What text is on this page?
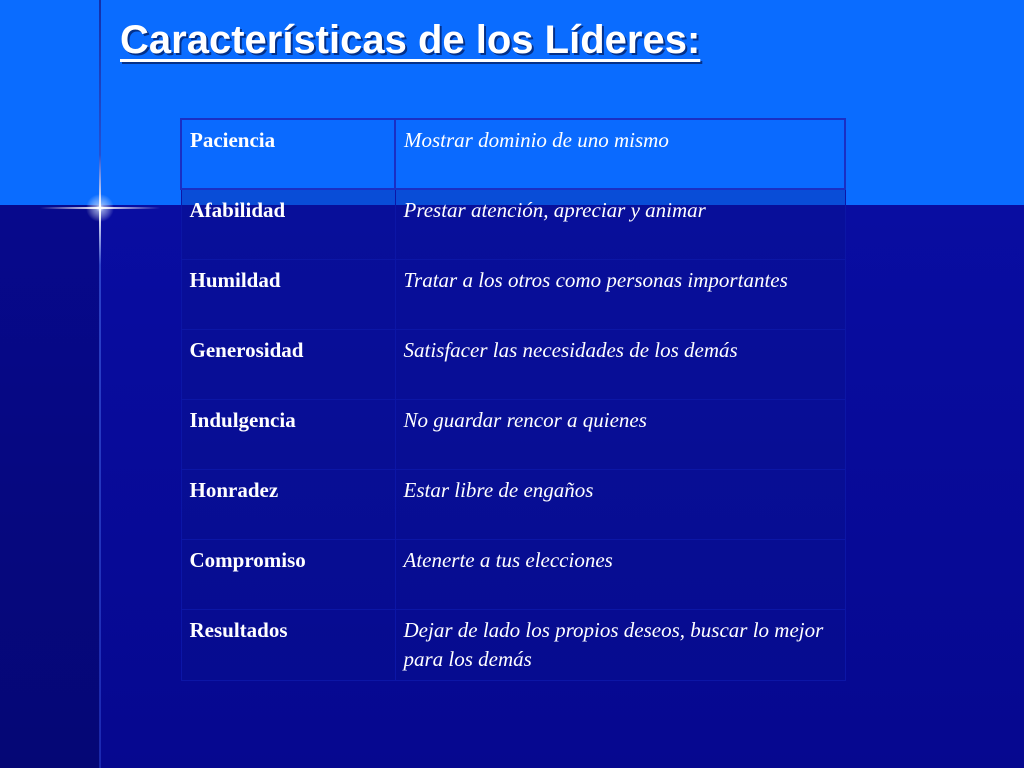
Características de los Líderes:
Paciencia	Mostrar dominio de uno mismo
Afabilidad	Prestar atención, apreciar y animar
Humildad	Tratar a los otros como personas importantes
Generosidad	Satisfacer las necesidades de los demás
Indulgencia	No guardar rencor a quienes
Honradez	Estar libre de engaños
Compromiso	Atenerte a tus elecciones
Resultados	Dejar de lado los propios deseos, buscar lo mejor para los demás
